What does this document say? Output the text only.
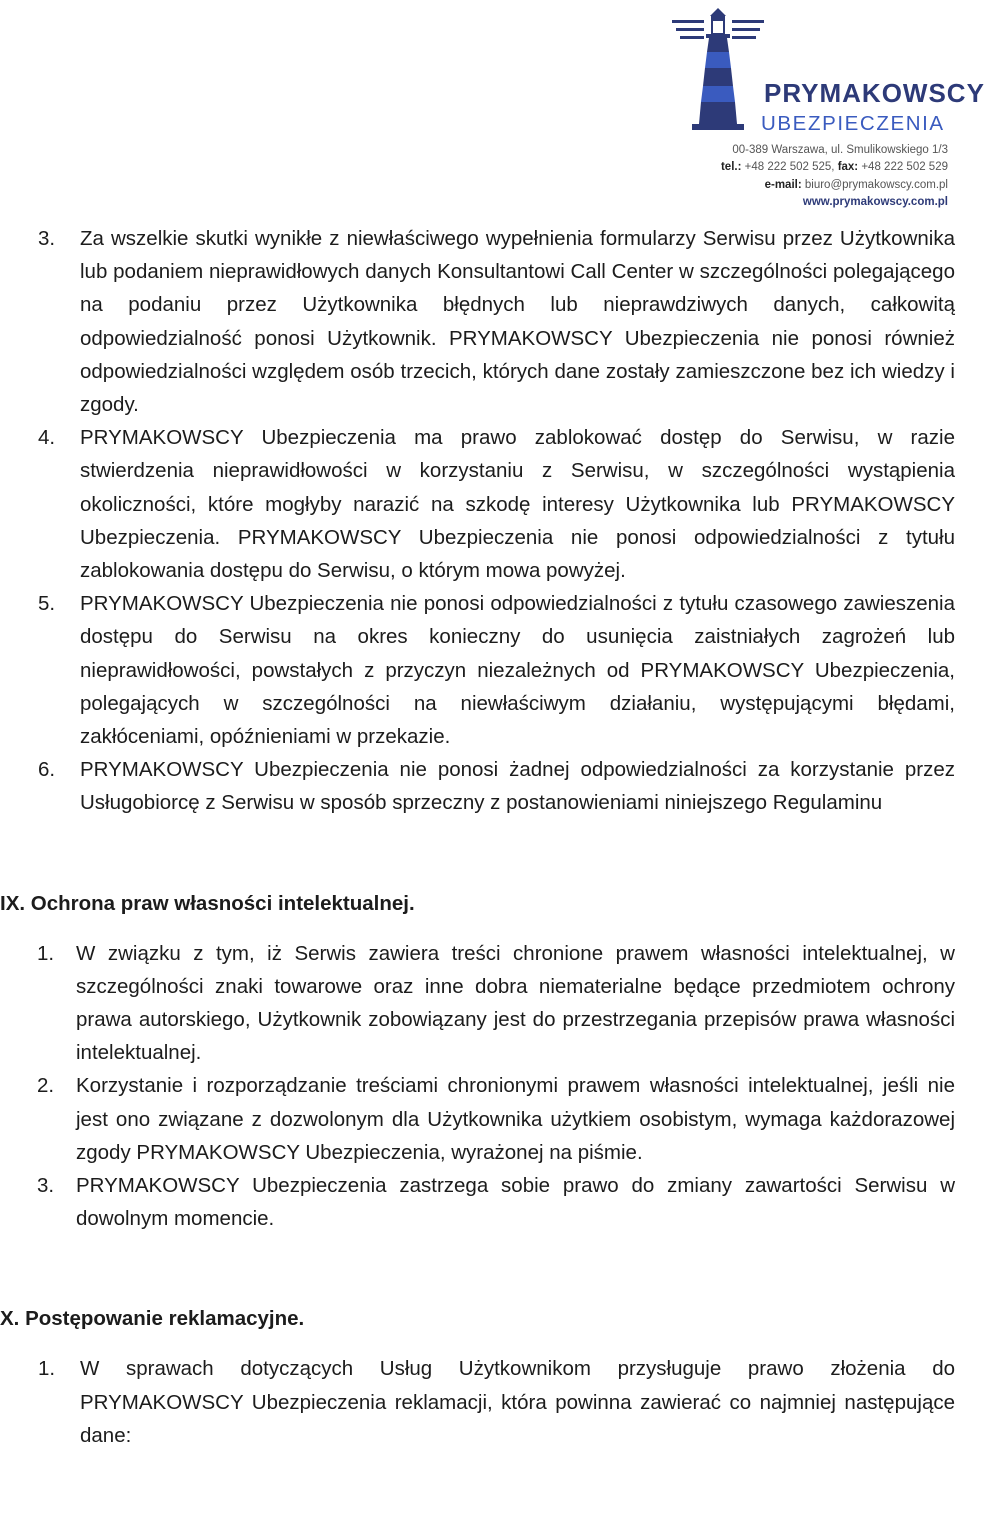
PRYMAKOWSCY
UBEZPIECZENIA
00-389 Warszawa, ul. Smulikowskiego 1/3
tel.: +48 222 502 525, fax: +48 222 502 529
e-mail: biuro@prymakowscy.com.pl
www.prymakowscy.com.pl
3. Za wszelkie skutki wynikłe z niewłaściwego wypełnienia formularzy Serwisu przez Użytkownika lub podaniem nieprawidłowych danych Konsultantowi Call Center w szczególności polegającego na podaniu przez Użytkownika błędnych lub nieprawdziwych danych, całkowitą odpowiedzialność ponosi Użytkownik. PRYMAKOWSCY Ubezpieczenia nie ponosi również odpowiedzialności względem osób trzecich, których dane zostały zamieszczone bez ich wiedzy i zgody.
4. PRYMAKOWSCY Ubezpieczenia ma prawo zablokować dostęp do Serwisu, w razie stwierdzenia nieprawidłowości w korzystaniu z Serwisu, w szczególności wystąpienia okoliczności, które mogłyby narazić na szkodę interesy Użytkownika lub PRYMAKOWSCY Ubezpieczenia. PRYMAKOWSCY Ubezpieczenia nie ponosi odpowiedzialności z tytułu zablokowania dostępu do Serwisu, o którym mowa powyżej.
5. PRYMAKOWSCY Ubezpieczenia nie ponosi odpowiedzialności z tytułu czasowego zawieszenia dostępu do Serwisu na okres konieczny do usunięcia zaistniałych zagrożeń lub nieprawidłowości, powstałych z przyczyn niezależnych od PRYMAKOWSCY Ubezpieczenia, polegających w szczególności na niewłaściwym działaniu, występującymi błędami, zakłóceniami, opóźnieniami w przekazie.
6. PRYMAKOWSCY Ubezpieczenia nie ponosi żadnej odpowiedzialności za korzystanie przez Usługobiorcę z Serwisu w sposób sprzeczny z postanowieniami niniejszego Regulaminu
IX. Ochrona praw własności intelektualnej.
1. W związku z tym, iż Serwis zawiera treści chronione prawem własności intelektualnej, w szczególności znaki towarowe oraz inne dobra niematerialne będące przedmiotem ochrony prawa autorskiego, Użytkownik zobowiązany jest do przestrzegania przepisów prawa własności intelektualnej.
2. Korzystanie i rozporządzanie treściami chronionymi prawem własności intelektualnej, jeśli nie jest ono związane z dozwolonym dla Użytkownika użytkiem osobistym, wymaga każdorazowej zgody PRYMAKOWSCY Ubezpieczenia, wyrażonej na piśmie.
3. PRYMAKOWSCY Ubezpieczenia zastrzega sobie prawo do zmiany zawartości Serwisu w dowolnym momencie.
X. Postępowanie reklamacyjne.
1. W sprawach dotyczących Usług Użytkownikom przysługuje prawo złożenia do PRYMAKOWSCY Ubezpieczenia reklamacji, która powinna zawierać co najmniej następujące dane:
